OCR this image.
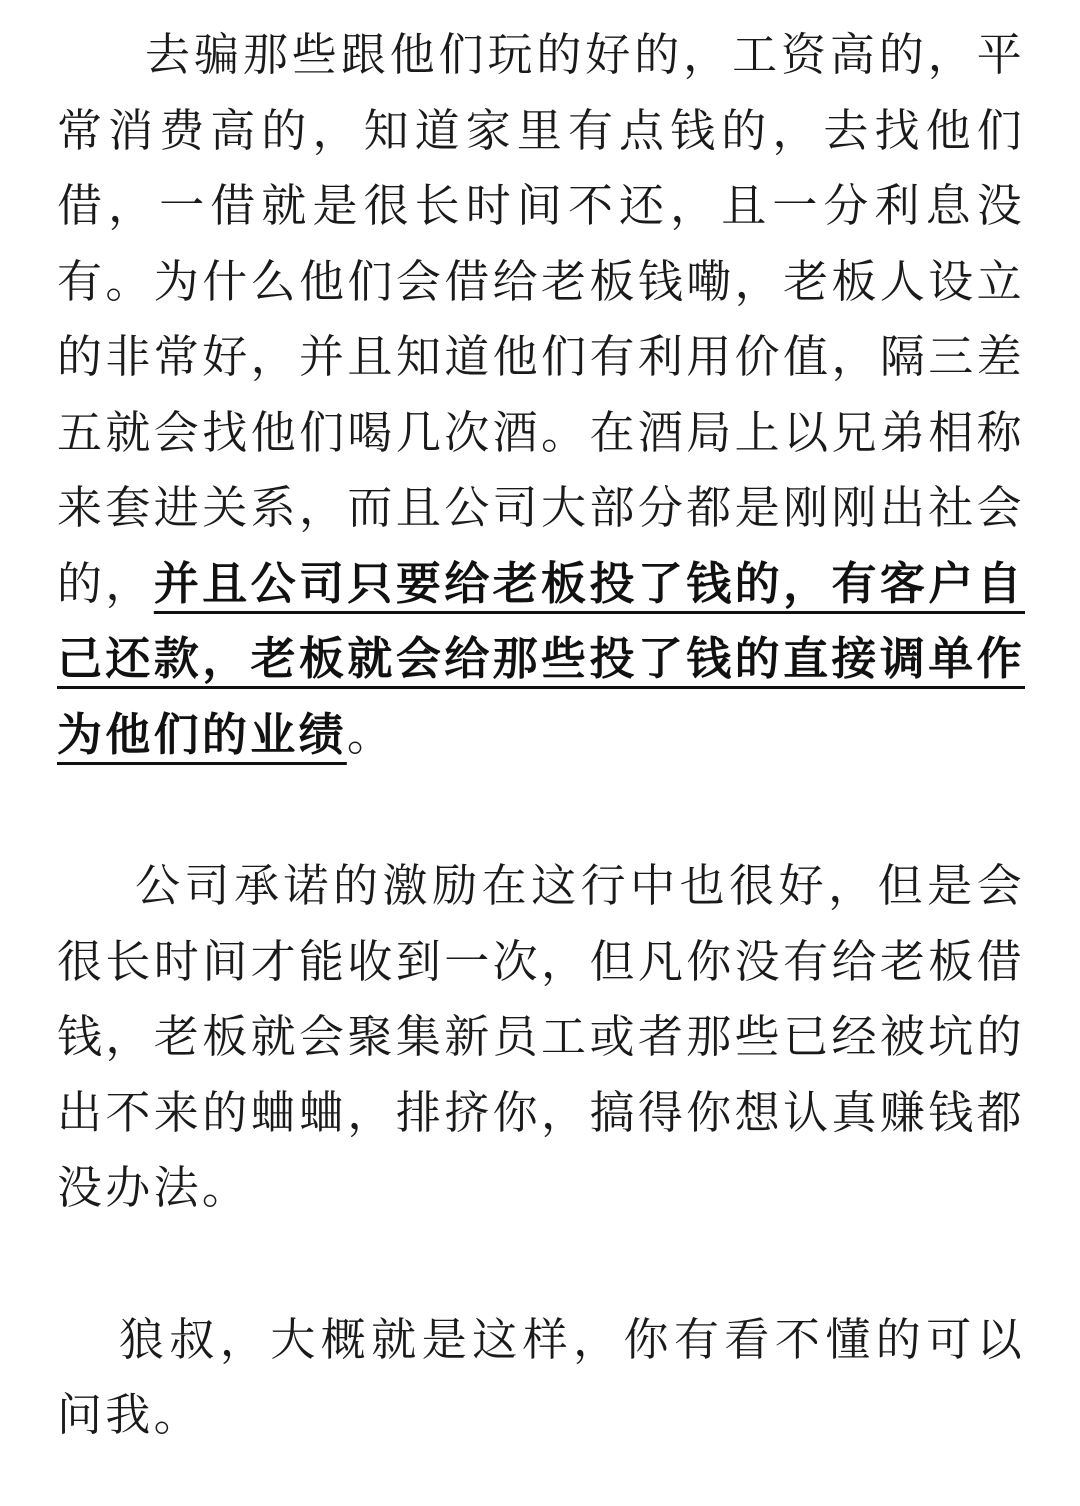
去骗那些跟他们玩的好的，工资高的，平常消费高的，知道家里有点钱的，去找他们借，一借就是很长时间不还，且一分利息没有。为什么他们会借给老板钱嘞，老板人设立的非常好，并且知道他们有利用价值，隔三差五就会找他们喝几次酒。在酒局上以兄弟相称来套进关系，而且公司大部分都是刚刚出社会的，并且公司只要给老板投了钱的，有客户自己还款，老板就会给那些投了钱的直接调单作为他们的业绩。

公司承诺的激励在这行中也很好，但是会很长时间才能收到一次，但凡你没有给老板借钱，老板就会聚集新员工或者那些已经被坑的出不来的蛐蛐，排挤你，搞得你想认真赚钱都没办法。

狼叔，大概就是这样，你有看不懂的可以问我。
